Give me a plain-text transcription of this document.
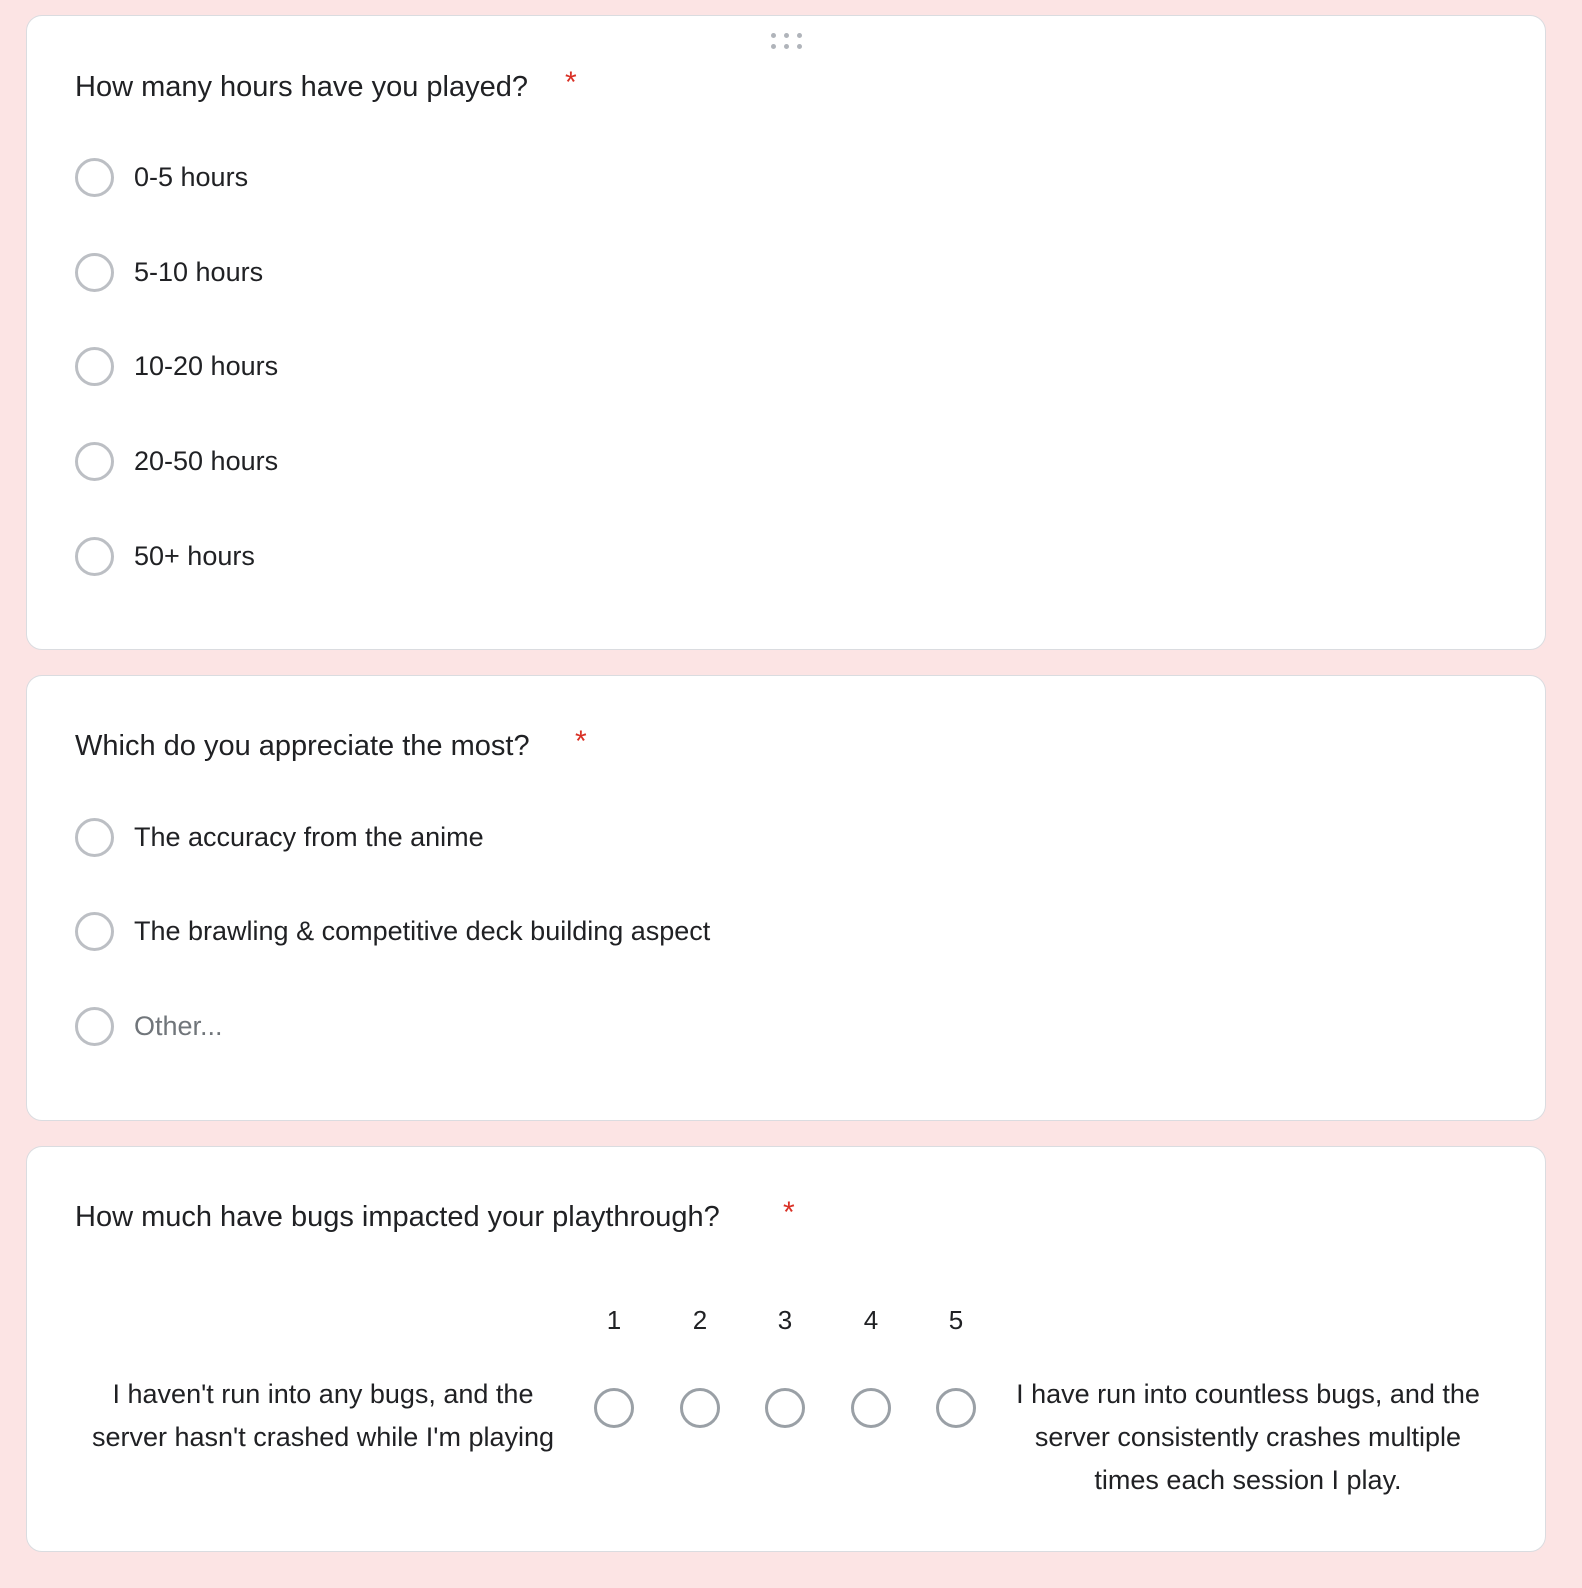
How many hours have you played? *
0-5 hours
5-10 hours
10-20 hours
20-50 hours
50+ hours
Which do you appreciate the most? *
The accuracy from the anime
The brawling & competitive deck building aspect
Other...
How much have bugs impacted your playthrough? *
I haven't run into any bugs, and the server hasn't crashed while I'm playing
1	2	3	4	5
I have run into countless bugs, and the server consistently crashes multiple times each session I play.
